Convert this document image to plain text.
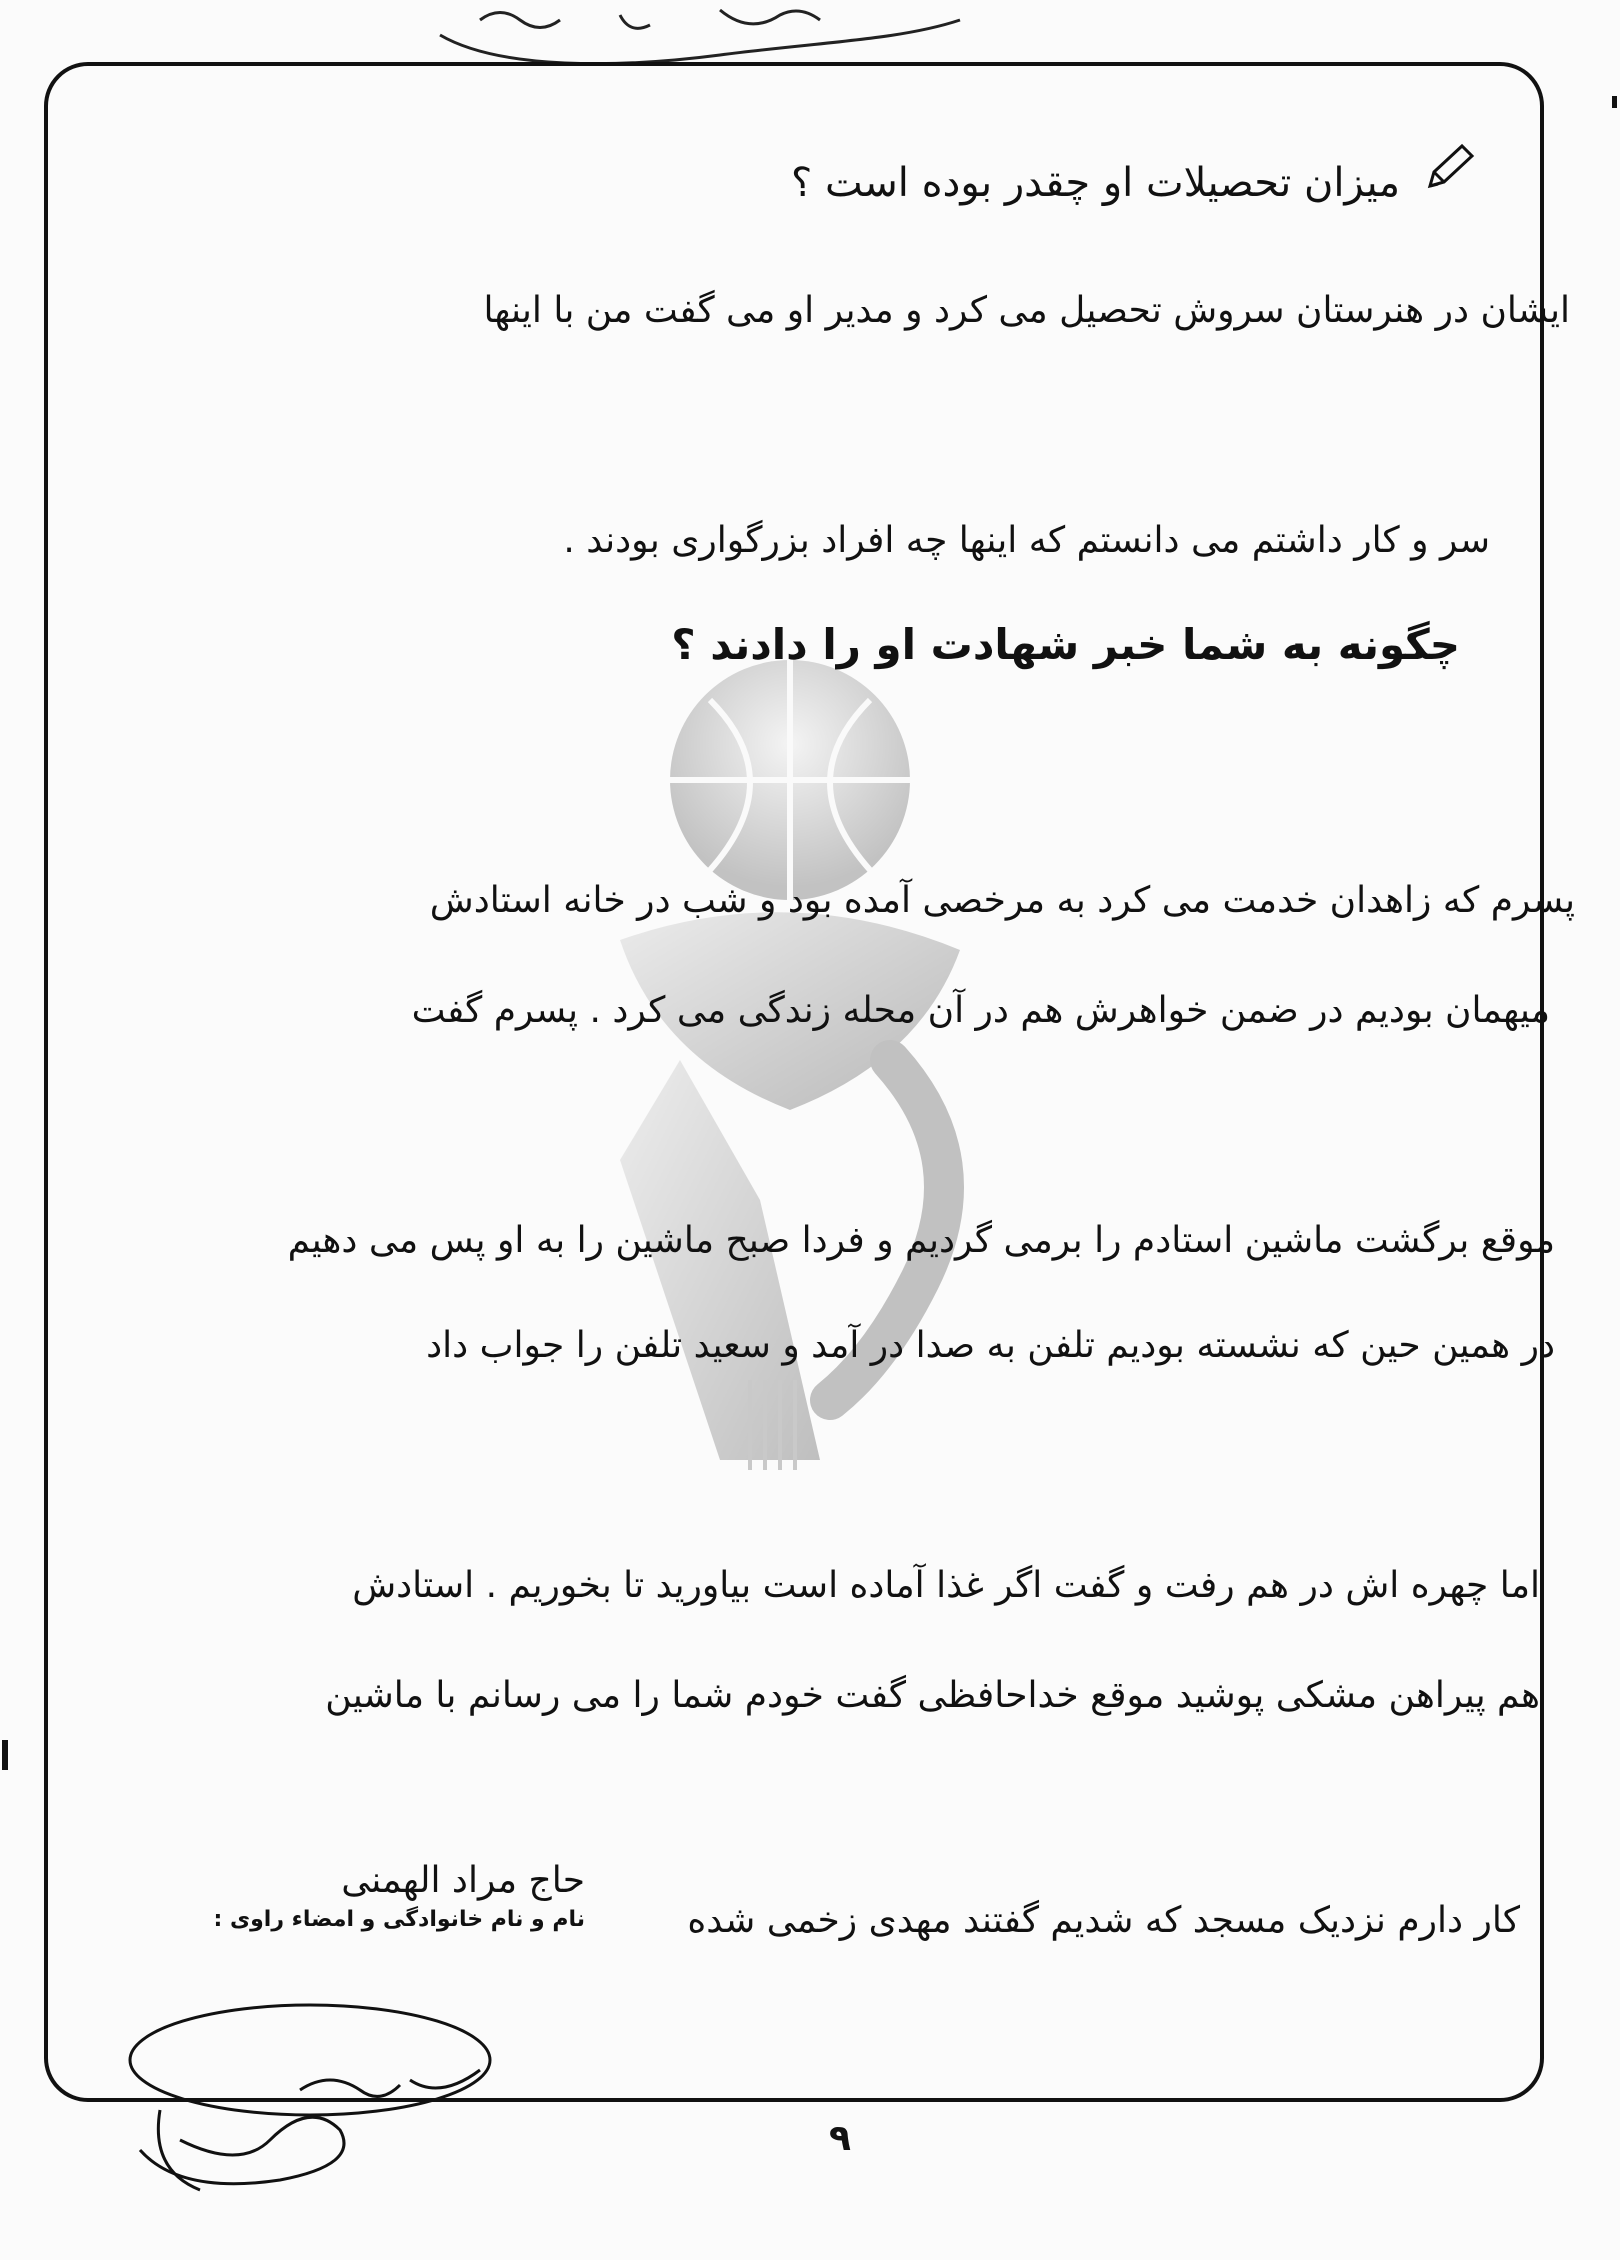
میزان تحصیلات او چقدر بوده است ؟
ایشان در هنرستان سروش تحصیل می کرد و مدیر او می گفت من با اینها
سر و کار داشتم می دانستم که اینها چه افراد بزرگواری بودند .
چگونه به شما خبر شهادت او را دادند ؟
پسرم که زاهدان خدمت می کرد به مرخصی آمده بود و شب در خانه استادش
میهمان بودیم در ضمن خواهرش هم در آن محله زندگی می کرد . پسرم گفت
موقع برگشت ماشین استادم را برمی گردیم و فردا صبح ماشین را به او پس می دهیم
در همین حین که نشسته بودیم تلفن به صدا در آمد و سعید تلفن را جواب داد
اما چهره اش در هم رفت و گفت اگر غذا آماده است بیاورید تا بخوریم . استادش
هم پیراهن مشکی پوشید موقع خداحافظی گفت خودم شما را می رسانم با ماشین
کار دارم نزدیک مسجد که شدیم گفتند مهدی زخمی شده
حاج مراد الهمنی
نام و نام خانوادگی و امضاء راوی :
۹
